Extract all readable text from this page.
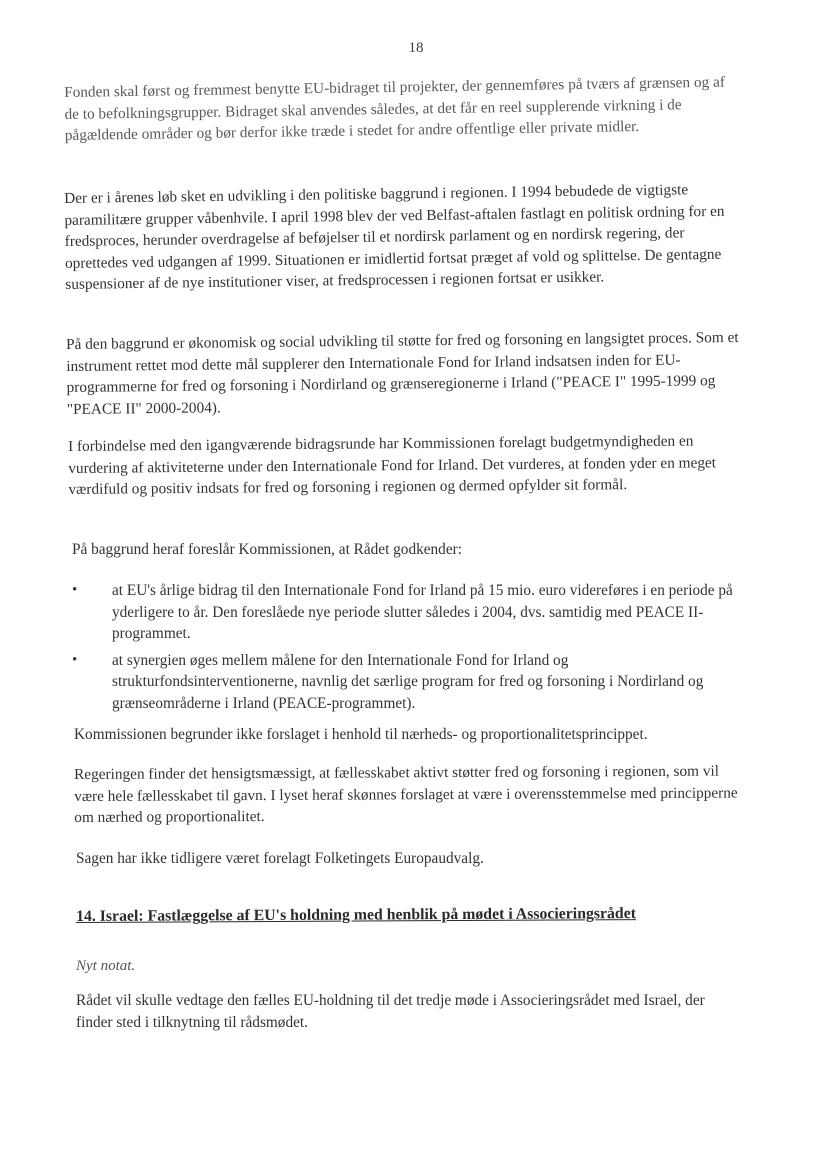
18

Fonden skal først og fremmest benytte EU-bidraget til projekter, der gennemføres på tværs af grænsen og af de to befolkningsgrupper. Bidraget skal anvendes således, at det får en reel supplerende virkning i de pågældende områder og bør derfor ikke træde i stedet for andre offentlige eller private midler.

Der er i årenes løb sket en udvikling i den politiske baggrund i regionen. I 1994 bebudede de vigtigste paramilitære grupper våbenhvile. I april 1998 blev der ved Belfast-aftalen fastlagt en politisk ordning for en fredsproces, herunder overdragelse af beføjelser til et nordirsk parlament og en nordirsk regering, der oprettedes ved udgangen af 1999. Situationen er imidlertid fortsat præget af vold og splittelse. De gentagne suspensioner af de nye institutioner viser, at fredsprocessen i regionen fortsat er usikker.

På den baggrund er økonomisk og social udvikling til støtte for fred og forsoning en langsigtet proces. Som et instrument rettet mod dette mål supplerer den Internationale Fond for Irland indsatsen inden for EU-programmerne for fred og forsoning i Nordirland og grænseregionerne i Irland ("PEACE I" 1995-1999 og "PEACE II" 2000-2004).

I forbindelse med den igangværende bidragsrunde har Kommissionen forelagt budgetmyndigheden en vurdering af aktiviteterne under den Internationale Fond for Irland. Det vurderes, at fonden yder en meget værdifuld og positiv indsats for fred og forsoning i regionen og dermed opfylder sit formål.

På baggrund heraf foreslår Kommissionen, at Rådet godkender:

• at EU's årlige bidrag til den Internationale Fond for Irland på 15 mio. euro videreføres i en periode på yderligere to år. Den foreslåede nye periode slutter således i 2004, dvs. samtidig med PEACE II-programmet.
• at synergien øges mellem målene for den Internationale Fond for Irland og strukturfondsinterventionerne, navnlig det særlige program for fred og forsoning i Nordirland og grænseområderne i Irland (PEACE-programmet).

Kommissionen begrunder ikke forslaget i henhold til nærheds- og proportionalitetsprincippet.

Regeringen finder det hensigtsmæssigt, at fællesskabet aktivt støtter fred og forsoning i regionen, som vil være hele fællesskabet til gavn. I lyset heraf skønnes forslaget at være i overensstemmelse med principperne om nærhed og proportionalitet.

Sagen har ikke tidligere været forelagt Folketingets Europaudvalg.

14. Israel: Fastlæggelse af EU's holdning med henblik på mødet i Associeringsrådet

Nyt notat.

Rådet vil skulle vedtage den fælles EU-holdning til det tredje møde i Associeringsrådet med Israel, der finder sted i tilknytning til rådsmødet.
